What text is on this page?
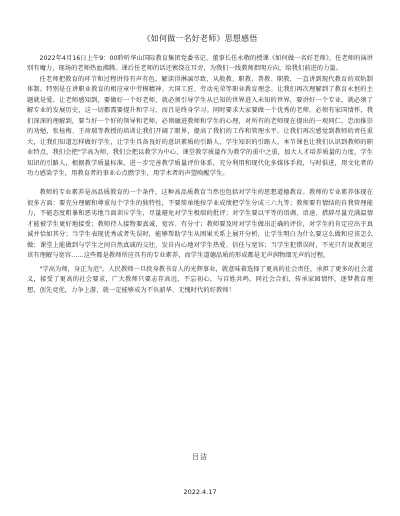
《如何做一名好老师》思想感悟

2022年4月16日上午9：00聆听华山国际教育集团党委书记、董事长任永敬的授课《如何做一名好老师》，任老师的演讲别有魔力，现场的老师热血沸腾。课后任老师的话还萦绕在耳旁，为我们一线教师指明方向，给我们前进的力量。

任老师把教育的环节和过程讲得有声有色，解读得淋漓尽致，从般教、职教、普教、职教，一直讲到现代教育的双轨制体制。特别是在讲职业教育的相应章中劳模精神、大国工匠、劳动光荣等职业教育理念。让我们再次理解到了教育永恒的主题就是爱。让老师感知到，要做好一个好老师，就必须引导学生从已知的世界进入未知的世界，要讲好一个专业，就必须了解专业的发展历史，这一切都需要提升和学习，而且是终身学习。同时要求大家要做一个优秀的老师，必须有家国情怀，我们深深的理解到，要当好一个好的领导和老师，必须融进教师和学生的心理，对所有的老师现在提出的一观同仁，忠而推崇的劝勉，张桂梅、王荷瑞等教授的培训让我们开阔了眼界，提高了我们的工作和管理水平。让我们再次感觉到教师的责任重大，让我们知道怎样做好学生，让学生具备良好的意识素质的引路人，学生知识的引路人。本节课也让我们认识到教师的职业特点，我们会把"学高为师，我们会把以教学为中心、课堂教学质量作为教学的重中之重，加大人才培养质量的力度，学生知识的引路人，根据教学质量标准，进一步完善教学质量评价体系，充分利用和现代化多媒体手段，与时俱进，用文化者的功力感染学生，用教育者的事业心点燃学生，用学术者的声望唤醒学生。

教师的专业素养是高品质教育的一个条件，这种高品质教育当然也包括对学生的思想道德教育。教师的专业素养体现在很多方面：要充分理解和尊重每个学生的独特性，不要简单地按学业成绩把学生分成三六九等；教师要有情结的自我管理能力，不能态度粗暴和恶劣地当面训斥学生，尽量避免对学生极端的批评；对学生要以平等的语调、语速、措辞尽量充满温情才能被学生更好地接受；教师待人接物要真诚、宽容、有分寸；教师要及时对学生做出正确的评价，对学生的肯定应出于真诚并恰如其分；当学生表现优秀或者失误时，能够帮助学生从困果关系上展开分析，让学生明白为什么要这么做和应该怎么做；课堂上能做到与学生之间自然真诚的交往，发自内心地对学生热爱、信任与宽容；当学生犯错误时，不光只有说教更应该有理解与宽容……这些都是教师所应具有的专业素养，而学生道德品质的形成都是无声润物细无声的过程。

"学高为师，身正为范"。人民教师一旦投身教书育人的光辉事业，就意味着选择了更高的社会责任，承担了更多的社会道义，接受了更高的社会要求，广大教师只要志存高远，不忘初心，与百姓共鸣，同社会合拍，传承家园情怀，逐梦教育理想，创先竞优，力争上游，就一定能够成为不负韶华、无愧时代的好教师！

吕洁
2022.4.17
